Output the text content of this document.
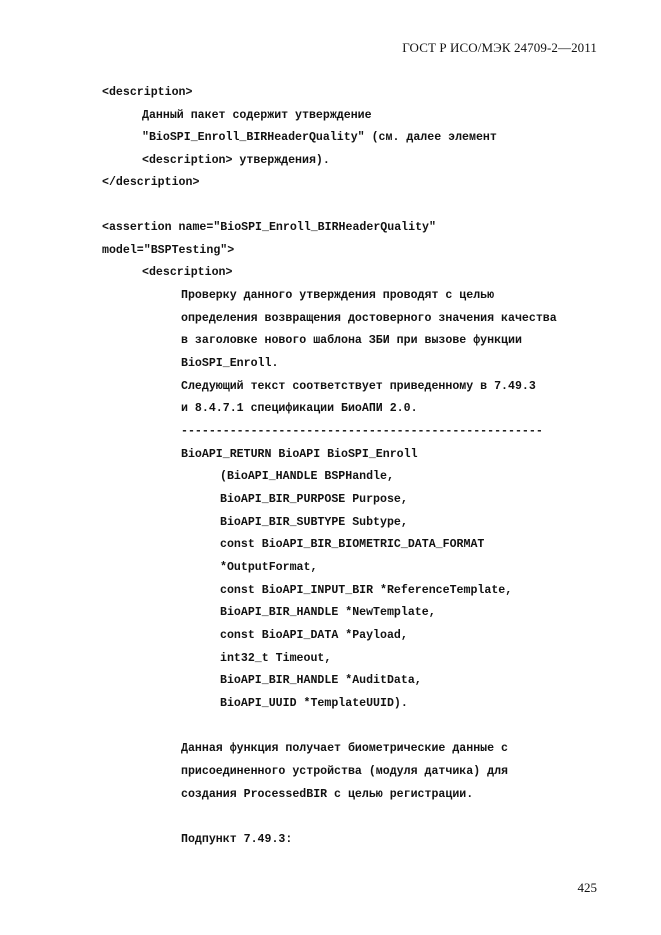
ГОСТ Р ИСО/МЭК 24709-2—2011
<description>
Данный пакет содержит утверждение
"BioSPI_Enroll_BIRHeaderQuality" (см. далее элемент
<description> утверждения).
</description>
<assertion name="BioSPI_Enroll_BIRHeaderQuality"
model="BSPTesting">
<description>
Проверку данного утверждения проводят с целью
определения возвращения достоверного значения качества
в заголовке нового шаблона ЗБИ при вызове функции
BioSPI_Enroll.
Следующий текст соответствует приведенному в 7.49.3
и 8.4.7.1 спецификации БиоАПИ 2.0.
----------------------------------------------------
BioAPI_RETURN BioAPI BioSPI_Enroll
(BioAPI_HANDLE BSPHandle,
BioAPI_BIR_PURPOSE Purpose,
BioAPI_BIR_SUBTYPE Subtype,
const BioAPI_BIR_BIOMETRIC_DATA_FORMAT
*OutputFormat,
const BioAPI_INPUT_BIR *ReferenceTemplate,
BioAPI_BIR_HANDLE *NewTemplate,
const BioAPI_DATA *Payload,
int32_t Timeout,
BioAPI_BIR_HANDLE *AuditData,
BioAPI_UUID *TemplateUUID).
Данная функция получает биометрические данные с
присоединенного устройства (модуля датчика) для
создания ProcessedBIR с целью регистрации.
Подпункт 7.49.3:
425
